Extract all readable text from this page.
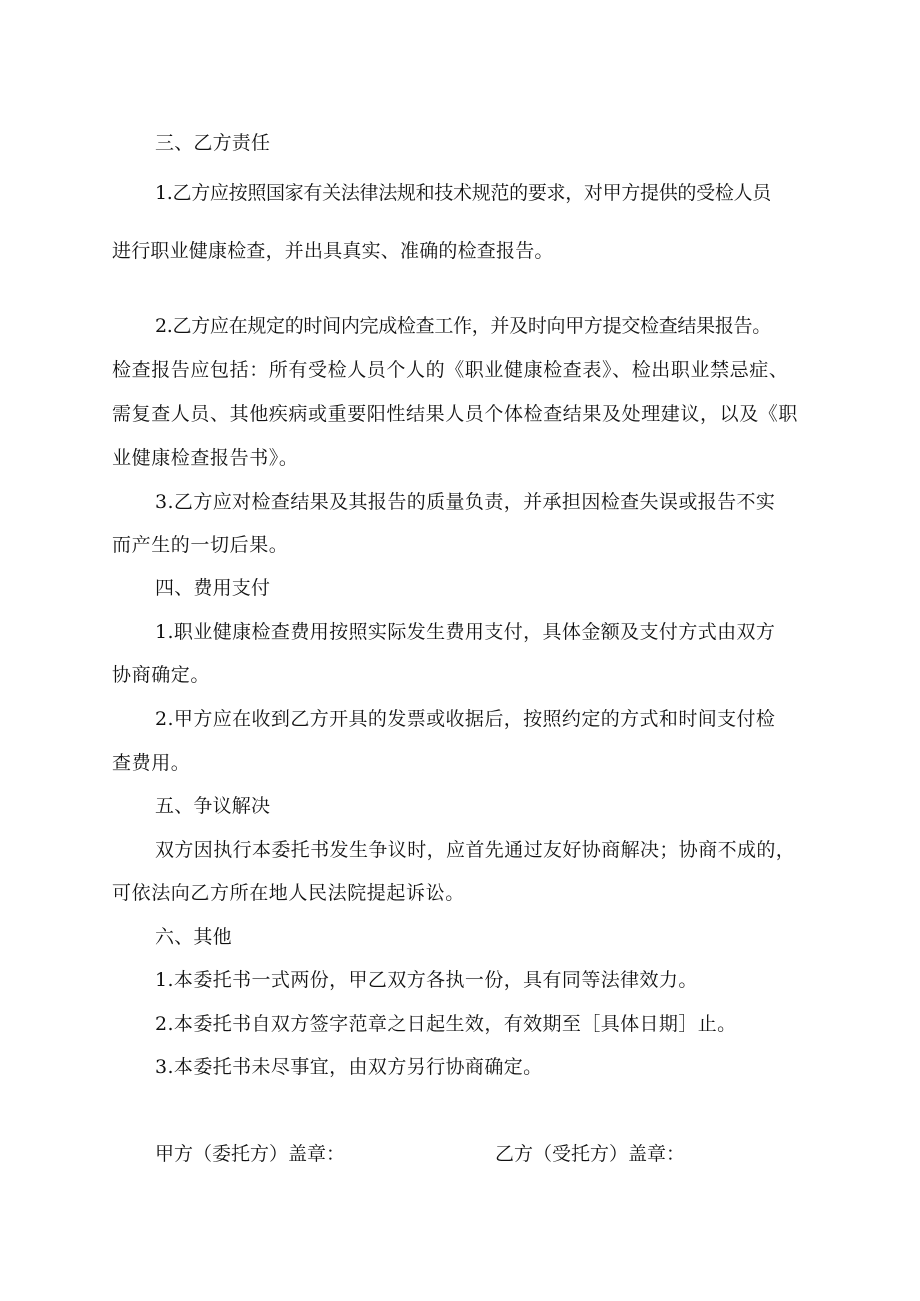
三、乙方责任
1.乙方应按照国家有关法律法规和技术规范的要求，对甲方提供的受检人员
进行职业健康检查，并出具真实、准确的检查报告。
2.乙方应在规定的时间内完成检查工作，并及时向甲方提交检查结果报告。
检查报告应包括：所有受检人员个人的《职业健康检查表》、检出职业禁忌症、
需复查人员、其他疾病或重要阳性结果人员个体检查结果及处理建议，以及《职
业健康检查报告书》。
3.乙方应对检查结果及其报告的质量负责，并承担因检查失误或报告不实
而产生的一切后果。
四、费用支付
1.职业健康检查费用按照实际发生费用支付，具体金额及支付方式由双方
协商确定。
2.甲方应在收到乙方开具的发票或收据后，按照约定的方式和时间支付检
查费用。
五、争议解决
双方因执行本委托书发生争议时，应首先通过友好协商解决；协商不成的，
可依法向乙方所在地人民法院提起诉讼。
六、其他
1.本委托书一式两份，甲乙双方各执一份，具有同等法律效力。
2.本委托书自双方签字范章之日起生效，有效期至［具体日期］止。
3.本委托书未尽事宜，由双方另行协商确定。
甲方（委托方）盖章：	乙方（受托方）盖章：
